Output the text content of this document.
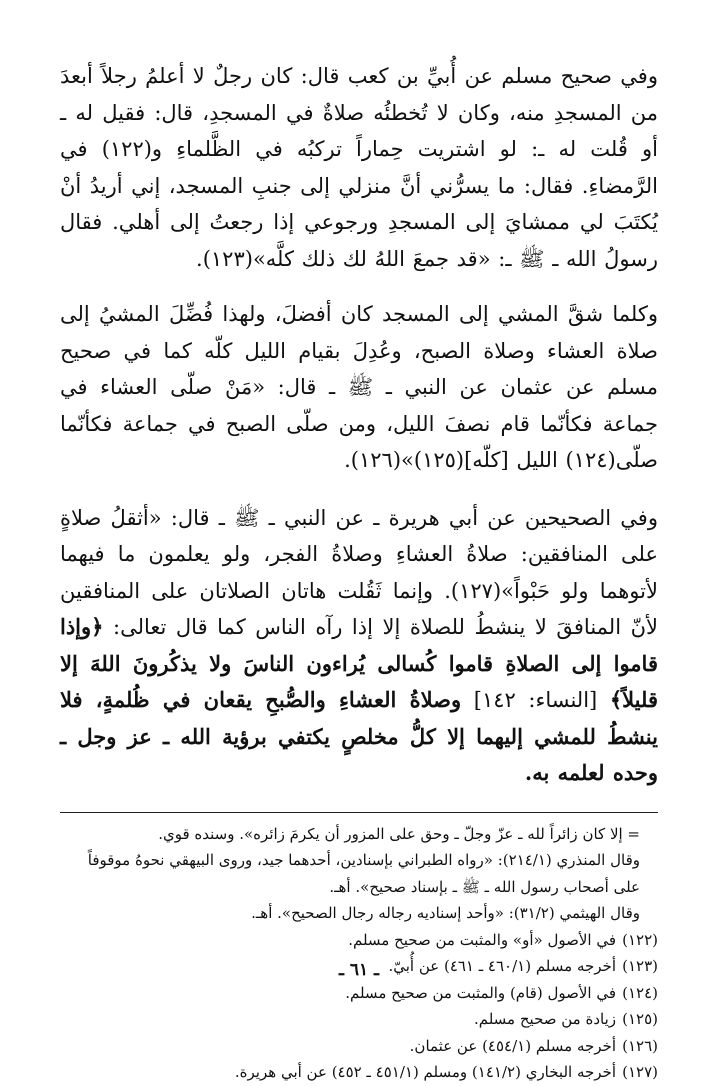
وفي صحيح مسلم عن أُبيِّ بن كعب قال: كان رجلٌ لا أعلمُ رجلاً أبعدَ من المسجدِ منه، وكان لا تُخطئُه صلاةٌ في المسجدِ، قال: فقيل له ـ أو قُلت له ـ: لو اشتريت حِماراً تركبُه في الظَّلماءِ و(١٢٢) في الرَّمضاءِ. فقال: ما يسرُّني أنَّ منزلي إلى جنبِ المسجد، إني أريدُ أنْ يُكتَبَ لي ممشايَ إلى المسجدِ ورجوعي إذا رجعتُ إلى أهلي. فقال رسولُ الله ـ ﷺ ـ: «قد جمعَ اللهُ لك ذلك كلَّه»(١٢٣).

وكلما شقَّ المشي إلى المسجد كان أفضلَ، ولهذا فُضِّلَ المشيُ إلى صلاة العشاء وصلاة الصبح، وعُدِلَ بقيام الليل كلّه كما في صحيح مسلم عن عثمان عن النبي ـ ﷺ ـ قال: «مَنْ صلّى العشاء في جماعة فكأنّما قام نصفَ الليل، ومن صلّى الصبح في جماعة فكأنّما صلّى(١٢٤) الليل [كلّه](١٢٥)»(١٢٦).

وفي الصحيحين عن أبي هريرة ـ عن النبي ـ ﷺ ـ قال: «أثقلُ صلاةٍ على المنافقين: صلاةُ العشاءِ وصلاةُ الفجر، ولو يعلمون ما فيهما لأتوهما ولو حَبْواً»(١٢٧). وإنما ثَقُلت هاتان الصلاتان على المنافقين لأنّ المنافقَ لا ينشطُ للصلاة إلا إذا رآه الناس كما قال تعالى: ﴿وإذا قاموا إلى الصلاةِ قاموا كُسالى يُراءون الناسَ ولا يذكُرونَ اللهَ إلا قليلاً﴾ [النساء: ١٤٢] وصلاةُ العشاءِ والصُّبحِ يقعان في ظُلمةٍ، فلا ينشطُ للمشي إليهما إلا كلُّ مخلصٍ يكتفي برؤية الله ـ عز وجل ـ وحده لعلمه به.

= إلا كان زائراً لله ـ عزّ وجلّ ـ وحق على المزور أن يكرمَ زائره». وسنده قوي.

وقال المنذري (٢١٤/١): «رواه الطبراني بإسنادين، أحدهما جيد، وروى البيهقي نحوهُ موقوفاً على أصحاب رسول الله ـ ﷺ ـ بإسناد صحيح». أهـ.

وقال الهيثمي (٣١/٢): «وأحد إسناديه رجاله رجال الصحيح». أهـ.

(١٢٢)في الأصول «أو» والمثبت من صحيح مسلم.

(١٢٣)أخرجه مسلم (٤٦٠/١ ـ ٤٦١) عن أُبيّ.

(١٢٤)في الأصول (قام) والمثبت من صحيح مسلم.

(١٢٥)زيادة من صحيح مسلم.

(١٢٦)أخرجه مسلم (٤٥٤/١) عن عثمان.

(١٢٧)أخرجه البخاري (١٤١/٢) ومسلم (٤٥١/١ ـ ٤٥٢) عن أبي هريرة.

ـ ٦١ ـ
